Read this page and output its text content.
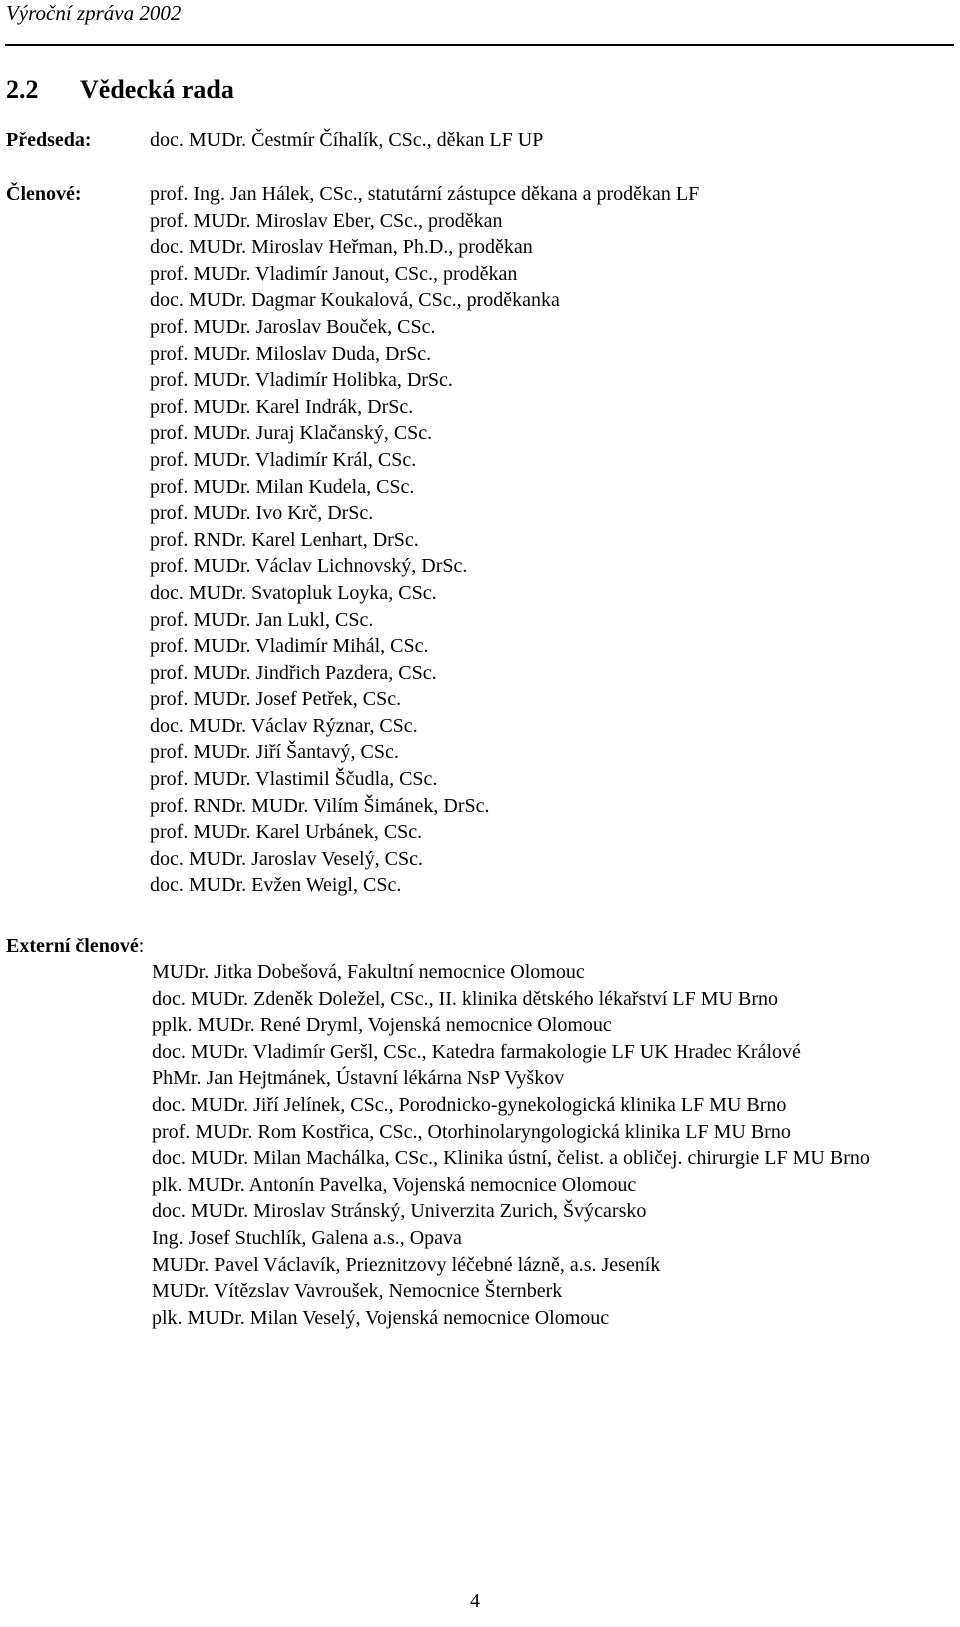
Výroční zpráva 2002
2.2 Vědecká rada
Předseda:	doc. MUDr. Čestmír Číhalík, CSc., děkan LF UP
Členové:	prof. Ing. Jan Hálek, CSc., statutární zástupce děkana a proděkan LF
prof. MUDr. Miroslav Eber, CSc., proděkan
doc. MUDr. Miroslav Heřman, Ph.D., proděkan
prof. MUDr. Vladimír Janout, CSc., proděkan
doc. MUDr. Dagmar Koukalová, CSc., proděkanka
prof. MUDr. Jaroslav Bouček, CSc.
prof. MUDr. Miloslav Duda, DrSc.
prof. MUDr. Vladimír Holibka, DrSc.
prof. MUDr. Karel Indrák, DrSc.
prof. MUDr. Juraj Klačanský, CSc.
prof. MUDr. Vladimír Král, CSc.
prof. MUDr. Milan Kudela, CSc.
prof. MUDr. Ivo Krč, DrSc.
prof. RNDr. Karel Lenhart, DrSc.
prof. MUDr. Václav Lichnovský, DrSc.
doc. MUDr. Svatopluk Loyka, CSc.
prof. MUDr. Jan Lukl, CSc.
prof. MUDr. Vladimír Mihál, CSc.
prof. MUDr. Jindřich Pazdera, CSc.
prof. MUDr. Josef Petřek, CSc.
doc. MUDr. Václav Rýznar, CSc.
prof. MUDr. Jiří Šantavý, CSc.
prof. MUDr. Vlastimil Ščudla, CSc.
prof. RNDr. MUDr. Vilím Šimánek, DrSc.
prof. MUDr. Karel Urbánek, CSc.
doc. MUDr. Jaroslav Veselý, CSc.
doc. MUDr. Evžen Weigl, CSc.
Externí členové:
MUDr. Jitka Dobešová, Fakultní nemocnice Olomouc
doc. MUDr. Zdeněk Doležel, CSc., II. klinika dětského lékařství LF MU Brno
pplk. MUDr. René Dryml, Vojenská nemocnice Olomouc
doc. MUDr. Vladimír Geršl, CSc., Katedra farmakologie LF UK Hradec Králové
PhMr. Jan Hejtmánek, Ústavní lékárna NsP Vyškov
doc. MUDr. Jiří Jelínek, CSc., Porodnicko-gynekologická klinika LF MU Brno
prof. MUDr. Rom Kostřica, CSc., Otorhinolaryngologická klinika LF MU Brno
doc. MUDr. Milan Machálka, CSc., Klinika ústní, čelist. a obličej. chirurgie LF MU Brno
plk. MUDr. Antonín Pavelka, Vojenská nemocnice Olomouc
doc. MUDr. Miroslav Stránský, Univerzita Zurich, Švýcarsko
Ing. Josef Stuchlík, Galena a.s., Opava
MUDr. Pavel Václavík, Prieznitzovy léčebné lázně, a.s. Jeseník
MUDr. Vítězslav Vavroušek, Nemocnice Šternberk
plk. MUDr. Milan Veselý, Vojenská nemocnice Olomouc
4
